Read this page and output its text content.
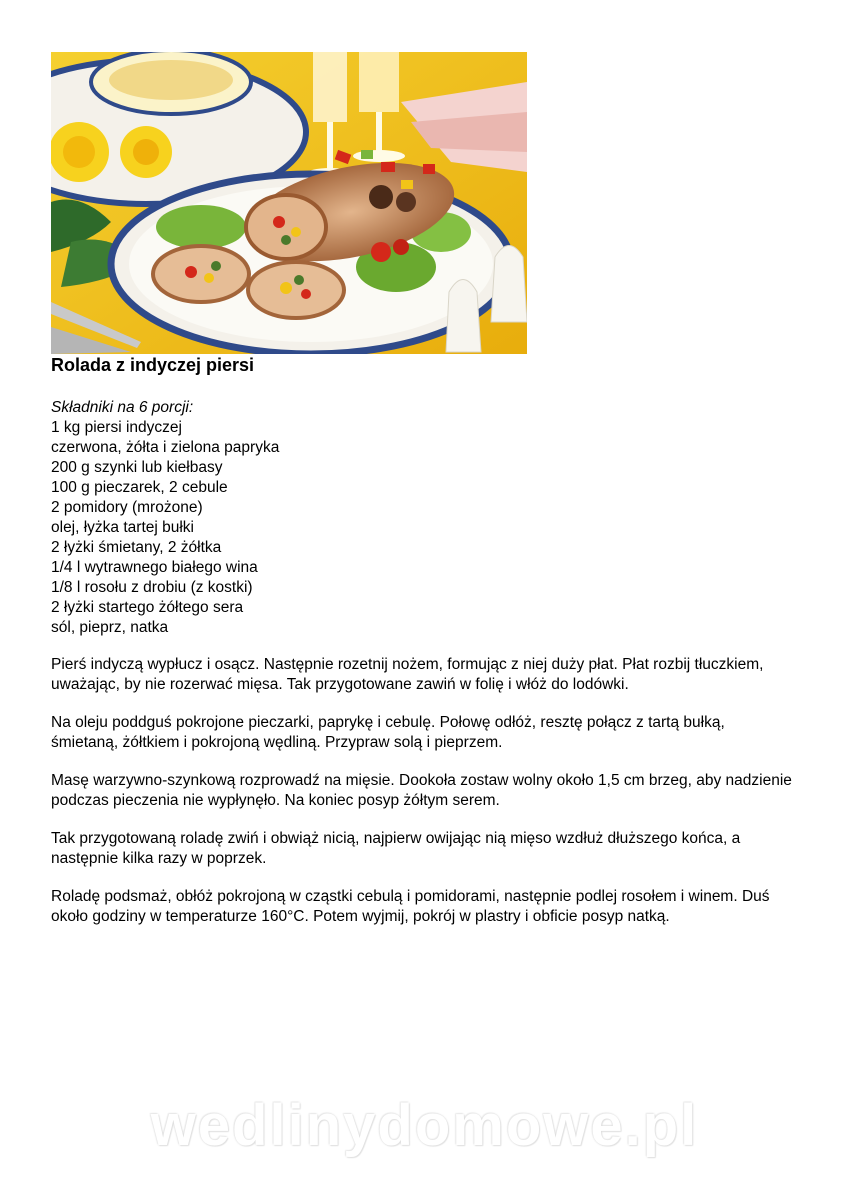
Rolada z indyczej piersi
Składniki na 6 porcji:
1 kg piersi indyczej
czerwona, żółta i zielona papryka
200 g szynki lub kiełbasy
100 g pieczarek, 2 cebule
2 pomidory (mrożone)
olej, łyżka tartej bułki
2 łyżki śmietany, 2 żółtka
1/4 l wytrawnego białego wina
1/8 l rosołu z drobiu (z kostki)
2 łyżki startego żółtego sera
sól, pieprz, natka

Pierś indyczą wypłucz i osącz. Następnie rozetnij nożem, formując z niej duży płat. Płat rozbij tłuczkiem, uważając, by nie rozerwać mięsa. Tak przygotowane zawiń w folię i włóż do lodówki.

Na oleju poddguś pokrojone pieczarki, paprykę i cebulę. Połowę odłóż, resztę połącz z tartą bułką, śmietaną, żółtkiem i pokrojoną wędliną. Przypraw solą i pieprzem.

Masę warzywno-szynkową rozprowadź na mięsie. Dookoła zostaw wolny około 1,5 cm brzeg, aby nadzienie podczas pieczenia nie wypłynęło. Na koniec posyp żółtym serem.

Tak przygotowaną roladę zwiń i obwiąż nicią, najpierw owijając nią mięso wzdłuż dłuższego końca, a następnie kilka razy w poprzek.

Roladę podsmaż, obłóż pokrojoną w cząstki cebulą i pomidorami, następnie podlej rosołem i winem. Duś około godziny w temperaturze 160°C. Potem wyjmij, pokrój w plastry i obficie posyp natką.

wedlinydomowe.pl
